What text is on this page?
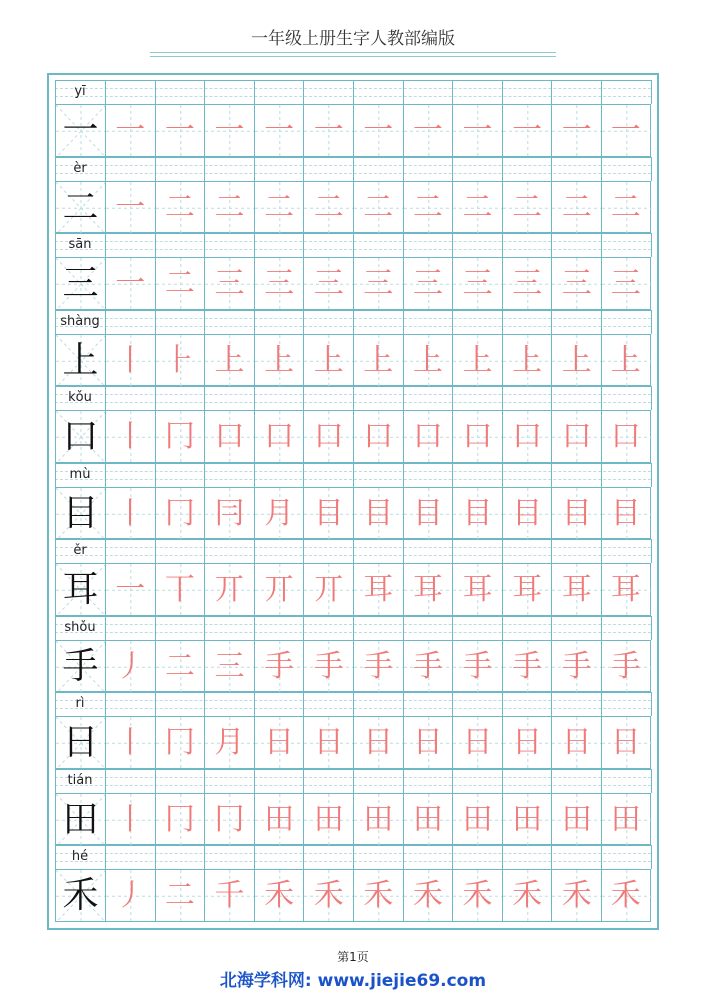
一年级上册生字人教部编版
yī
一 一 一 一 一 一 一 一 一 一 一 一
èr
二 一 二 二 二 二 二 二 二 二 二 二
sān
三 一 二 三 三 三 三 三 三 三 三 三
shàng
上 丨 ⺊ 上 上 上 上 上 上 上 上 上
kǒu
口 丨 冂 口 口 口 口 口 口 口 口 口
mù
目 丨 冂 冃 月 目 目 目 目 目 目 目
ěr
耳 一 丅 丌 丌 丌 耳 耳 耳 耳 耳 耳
shǒu
手 丿 二 三 手 手 手 手 手 手 手 手
rì
日 丨 冂 月 日 日 日 日 日 日 日 日
tián
田 丨 冂 冂 田 田 田 田 田 田 田 田
hé
禾 丿 二 千 禾 禾 禾 禾 禾 禾 禾 禾
第1页
北海学科网: www.jiejie69.com
